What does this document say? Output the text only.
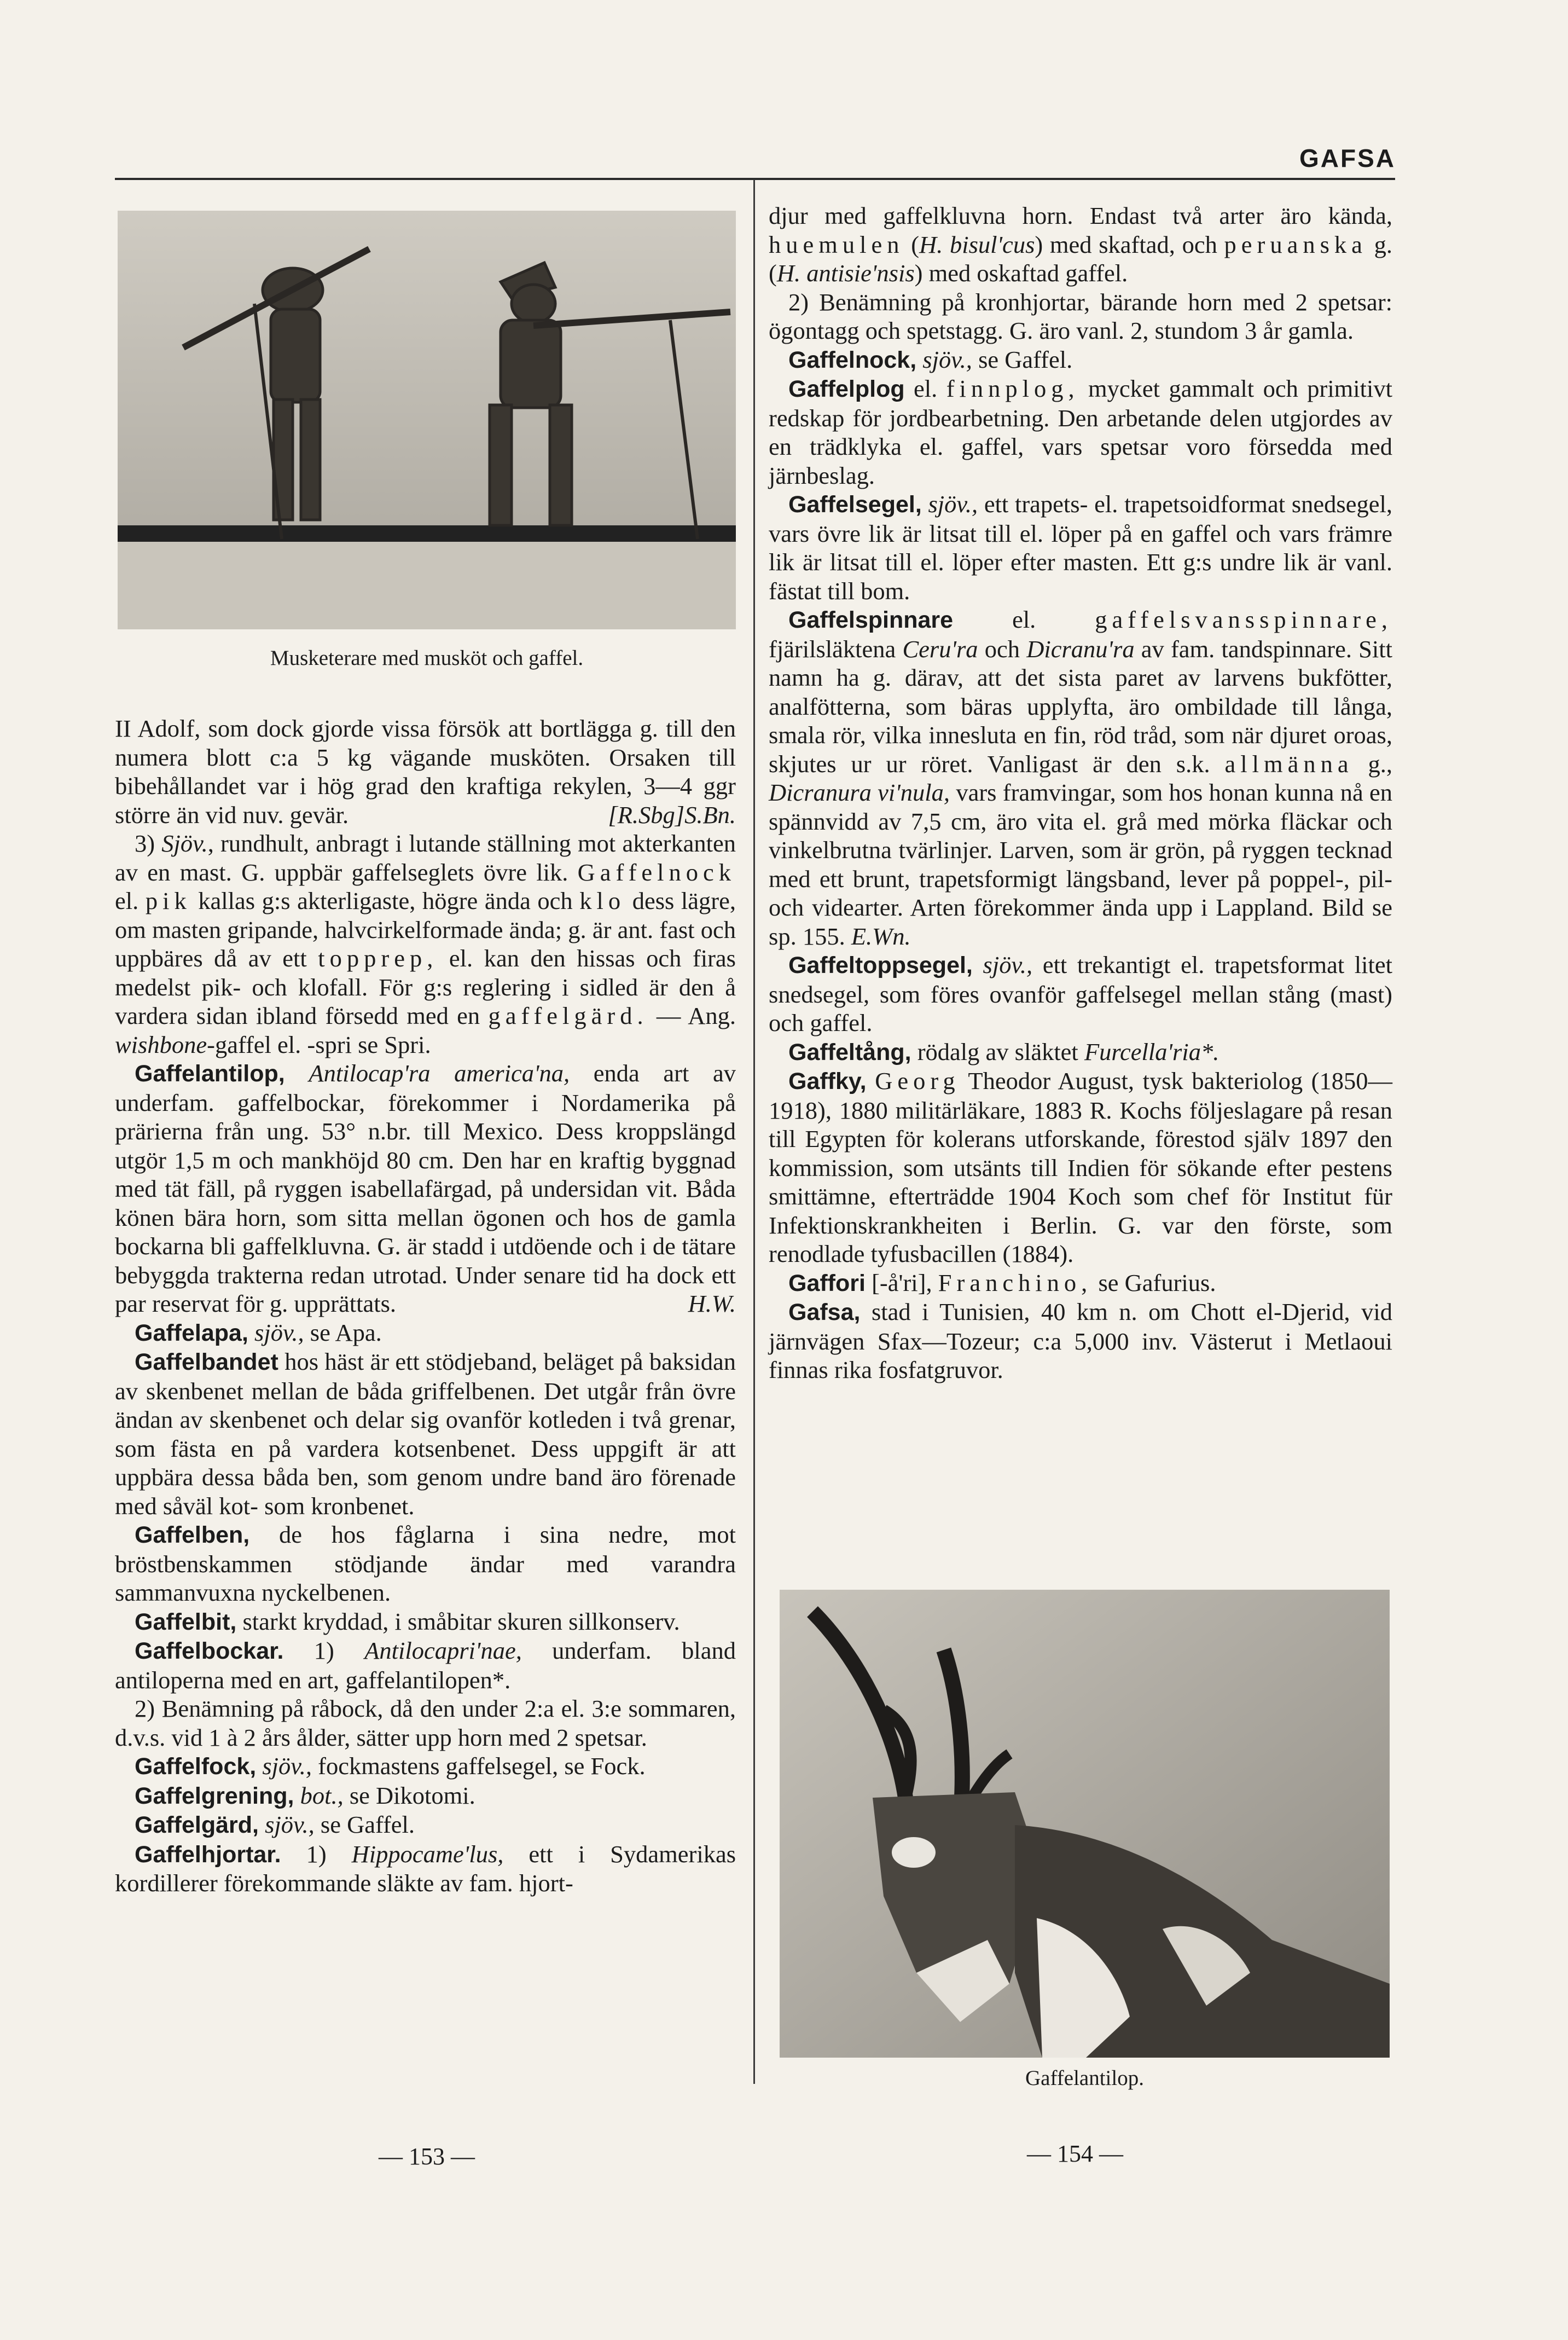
GAFSA
Musketerare med musköt och gaffel.

II Adolf, som dock gjorde vissa försök att bortlägga g. till den numera blott c:a 5 kg vägande musköten. Orsaken till bibehållandet var i hög grad den kraftiga rekylen, 3—4 ggr större än vid nuv. gevär.	[R.Sbg]S.Bn.

3) Sjöv., rundhult, anbragt i lutande ställning mot akterkanten av en mast. G. uppbär gaffelseglets övre lik. Gaffelnock el. pik kallas g:s akterligaste, högre ända och klo dess lägre, om masten gripande, halvcirkelformade ända; g. är ant. fast och uppbäres då av ett topprep, el. kan den hissas och firas medelst pik- och klofall. För g:s reglering i sidled är den å vardera sidan ibland försedd med en gaffelgärd. — Ang. wishbone-gaffel el. -spri se Spri.

Gaffelantilop, Antilocap'ra america'na, enda art av underfam. gaffelbockar, förekommer i Nordamerika på prärierna från ung. 53° n.br. till Mexico. Dess kroppslängd utgör 1,5 m och mankhöjd 80 cm. Den har en kraftig byggnad med tät fäll, på ryggen isabellafärgad, på undersidan vit. Båda könen bära horn, som sitta mellan ögonen och hos de gamla bockarna bli gaffelkluvna. G. är stadd i utdöende och i de tätare bebyggda trakterna redan utrotad. Under senare tid ha dock ett par reservat för g. upprättats.	H.W.

Gaffelapa, sjöv., se Apa.

Gaffelbandet hos häst är ett stödjeband, beläget på baksidan av skenbenet mellan de båda griffelbenen. Det utgår från övre ändan av skenbenet och delar sig ovanför kotleden i två grenar, som fästa en på vardera kotsenbenet. Dess uppgift är att uppbära dessa båda ben, som genom undre band äro förenade med såväl kot- som kronbenet.

Gaffelben, de hos fåglarna i sina nedre, mot bröstbenskammen stödjande ändar med varandra sammanvuxna nyckelbenen.

Gaffelbit, starkt kryddad, i småbitar skuren sillkonserv.

Gaffelbockar. 1) Antilocapri'nae, underfam. bland antiloperna med en art, gaffelantilopen*.

2) Benämning på råbock, då den under 2:a el. 3:e sommaren, d.v.s. vid 1 à 2 års ålder, sätter upp horn med 2 spetsar.

Gaffelfock, sjöv., fockmastens gaffelsegel, se Fock.

Gaffelgrening, bot., se Dikotomi.

Gaffelgärd, sjöv., se Gaffel.

Gaffelhjortar. 1) Hippocame'lus, ett i Sydamerikas kordillerer förekommande släkte av fam. hjort-

djur med gaffelkluvna horn. Endast två arter äro kända, huemulen (H. bisul'cus) med skaftad, och peruanska g. (H. antisie'nsis) med oskaftad gaffel.

2) Benämning på kronhjortar, bärande horn med 2 spetsar: ögontagg och spetstagg. G. äro vanl. 2, stundom 3 år gamla.

Gaffelnock, sjöv., se Gaffel.

Gaffelplog el. finnplog, mycket gammalt och primitivt redskap för jordbearbetning. Den arbetande delen utgjordes av en trädklyka el. gaffel, vars spetsar voro försedda med järnbeslag.

Gaffelsegel, sjöv., ett trapets- el. trapetsoidformat snedsegel, vars övre lik är litsat till el. löper på en gaffel och vars främre lik är litsat till el. löper efter masten. Ett g:s undre lik är vanl. fästat till bom.

Gaffelspinnare el. gaffelsvansspinnare, fjärilsläktena Ceru'ra och Dicranu'ra av fam. tandspinnare. Sitt namn ha g. därav, att det sista paret av larvens bukfötter, analfötterna, som bäras upplyfta, äro ombildade till långa, smala rör, vilka innesluta en fin, röd tråd, som när djuret oroas, skjutes ur ur röret. Vanligast är den s.k. allmänna g., Dicranura vi'nula, vars framvingar, som hos honan kunna nå en spännvidd av 7,5 cm, äro vita el. grå med mörka fläckar och vinkelbrutna tvärlinjer. Larven, som är grön, på ryggen tecknad med ett brunt, trapetsformigt längsband, lever på poppel-, pil- och videarter. Arten förekommer ända upp i Lappland. Bild se sp. 155. E.Wn.

Gaffeltoppsegel, sjöv., ett trekantigt el. trapetsformat litet snedsegel, som föres ovanför gaffelsegel mellan stång (mast) och gaffel.

Gaffeltång, rödalg av släktet Furcella'ria*.

Gaffky, Georg Theodor August, tysk bakteriolog (1850—1918), 1880 militärläkare, 1883 R. Kochs följeslagare på resan till Egypten för kolerans utforskande, förestod själv 1897 den kommission, som utsänts till Indien för sökande efter pestens smittämne, efterträdde 1904 Koch som chef för Institut für Infektionskrankheiten i Berlin. G. var den förste, som renodlade tyfusbacillen (1884).

Gaffori [-å'ri], Franchino, se Gafurius.

Gafsa, stad i Tunisien, 40 km n. om Chott el-Djerid, vid järnvägen Sfax—Tozeur; c:a 5,000 inv. Västerut i Metlaoui finnas rika fosfatgruvor.

Gaffelantilop.
— 153 —	— 154 —
